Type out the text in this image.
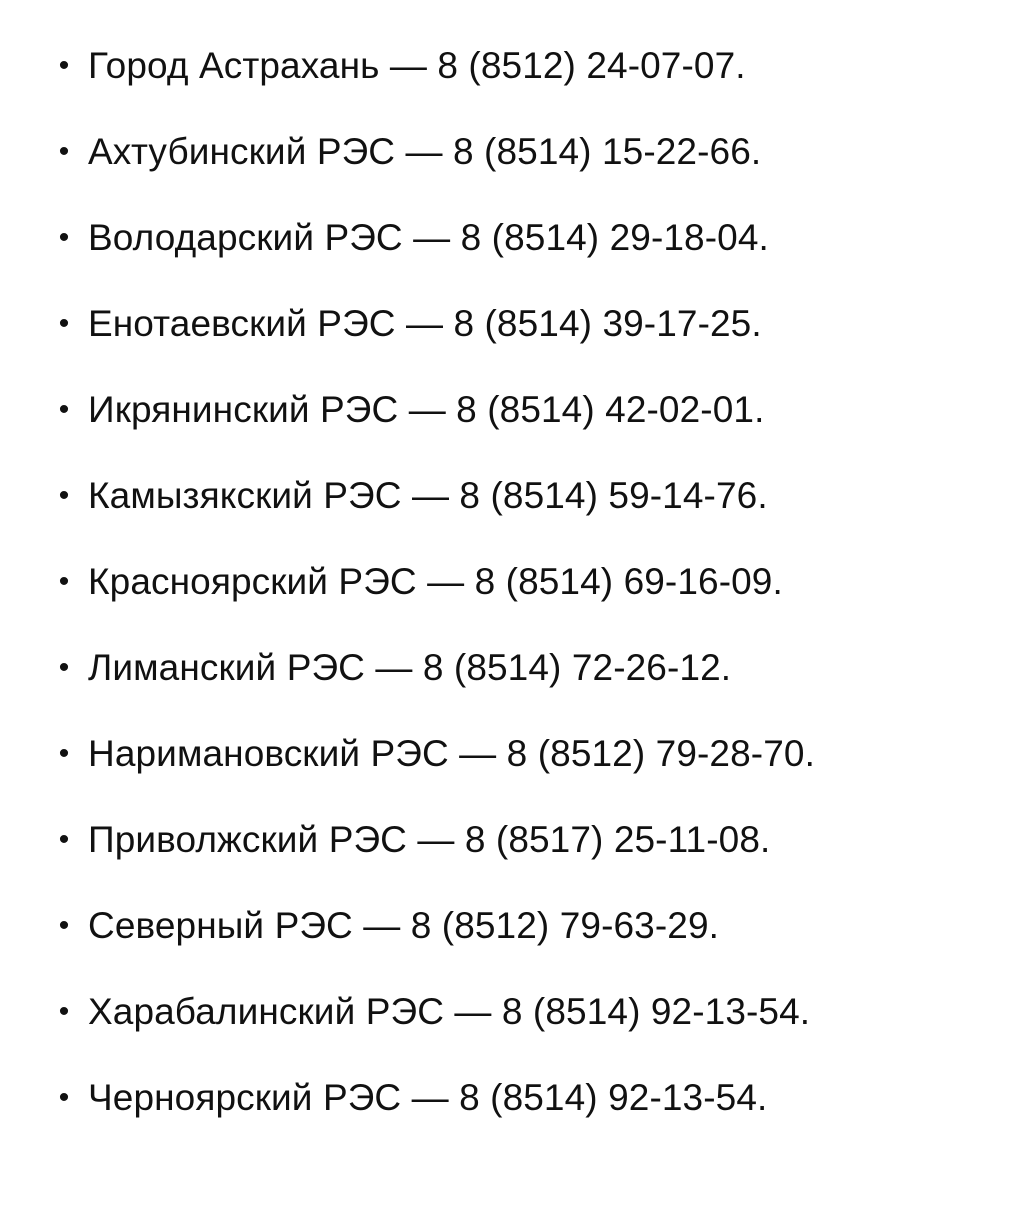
• Город Астрахань — 8 (8512) 24-07-07.
• Ахтубинский РЭС — 8 (8514) 15-22-66.
• Володарский РЭС — 8 (8514) 29-18-04.
• Енотаевский РЭС — 8 (8514) 39-17-25.
• Икрянинский РЭС — 8 (8514) 42-02-01.
• Камызякский РЭС — 8 (8514) 59-14-76.
• Красноярский РЭС — 8 (8514) 69-16-09.
• Лиманский РЭС — 8 (8514) 72-26-12.
• Наримановский РЭС — 8 (8512) 79-28-70.
• Приволжский РЭС — 8 (8517) 25-11-08.
• Северный РЭС — 8 (8512) 79-63-29.
• Харабалинский РЭС — 8 (8514) 92-13-54.
• Черноярский РЭС — 8 (8514) 92-13-54.
